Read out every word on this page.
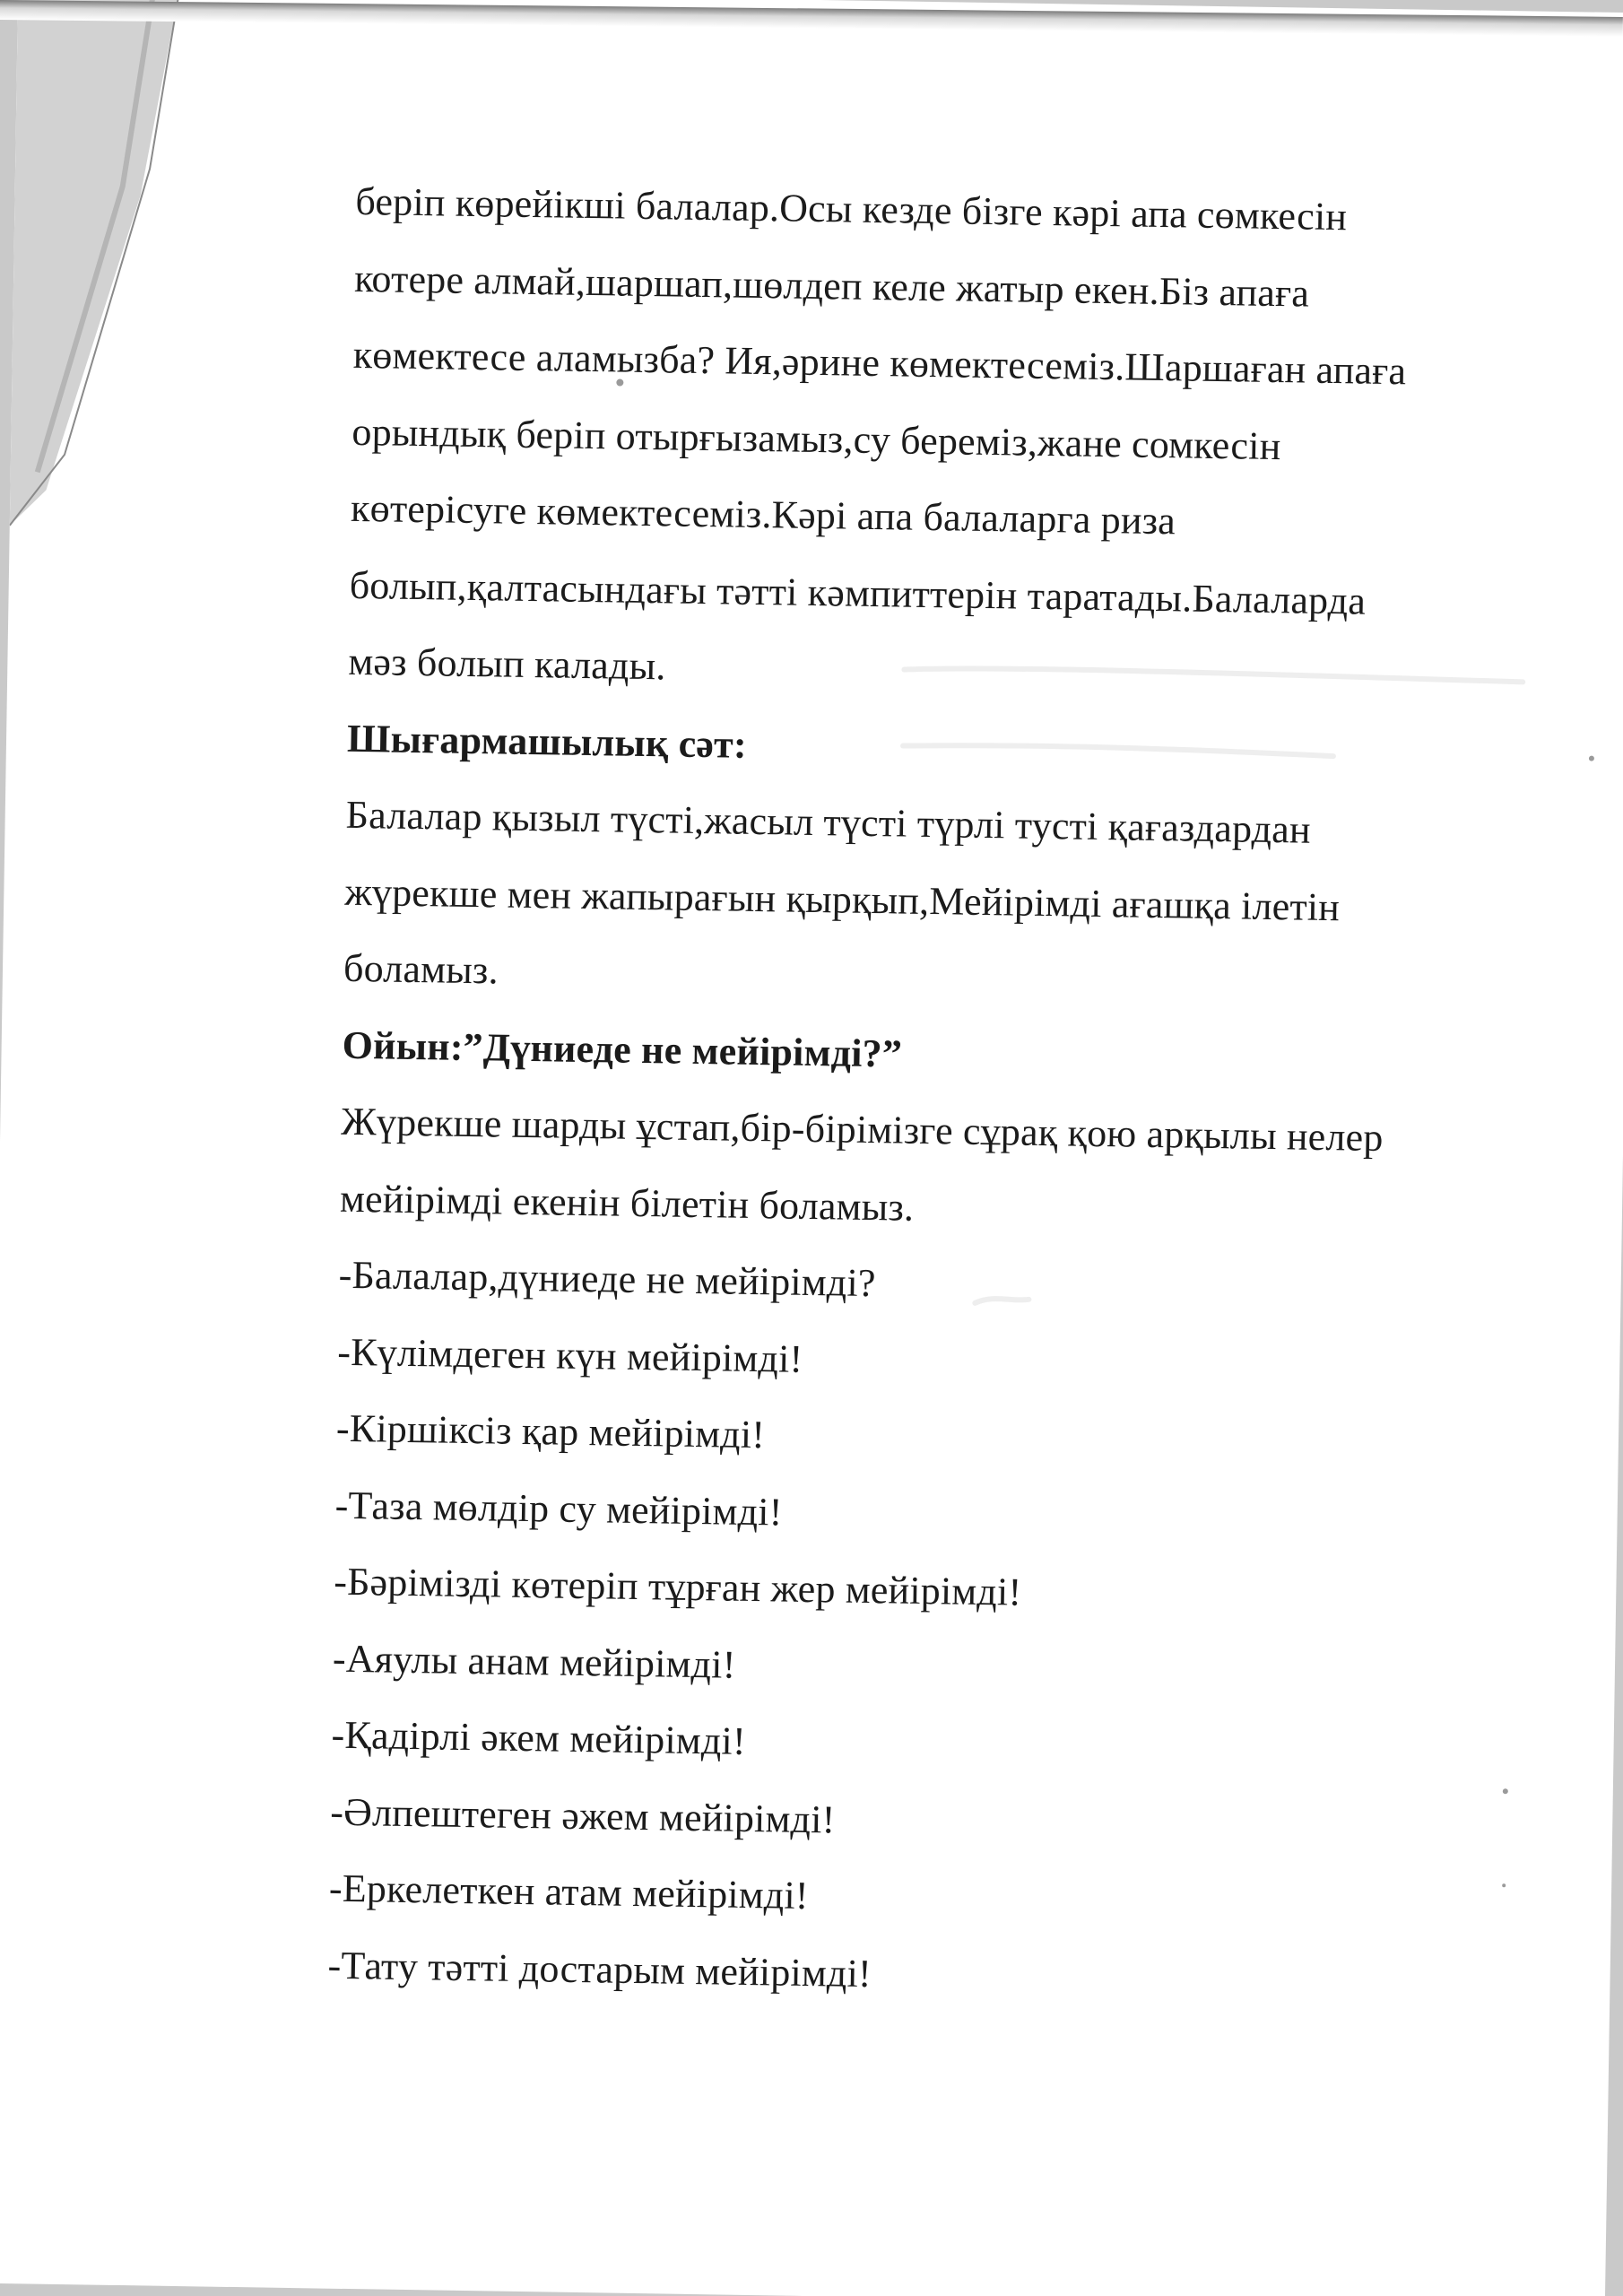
беріп көрейікші балалар.Осы кезде бізге кәрі апа сөмкесін
котере алмай,шаршап,шөлдеп келе жатыр екен.Біз апаға
көмектесе аламызба? Ия,әрине көмектесеміз.Шаршаған апаға
орындық беріп отырғызамыз,су береміз,жане сомкесін
көтерісуге көмектесеміз.Кәрі апа балаларга риза
болып,қалтасындағы тәтті кәмпиттерін таратады.Балаларда
мәз болып калады.
Шығармашылық сәт:
Балалар қызыл түсті,жасыл түсті түрлі тусті қағаздардан
жүрекше мен жапырағын қырқып,Мейірімді ағашқа ілетін
боламыз.
Ойын:”Дүниеде не мейірімді?”
Жүрекше шарды ұстап,бір-бірімізге сұрақ қою арқылы нелер
мейірімді екенін білетін боламыз.
-Балалар,дүниеде не мейірімді?
-Күлімдеген күн мейірімді!
-Кіршіксіз қар мейірімді!
-Таза мөлдір су мейірімді!
-Бәрімізді көтеріп тұрған жер мейірімді!
-Аяулы анам мейірімді!
-Қадірлі әкем мейірімді!
-Әлпештеген әжем мейірімді!
-Еркелеткен атам мейірімді!
-Тату тәтті достарым мейірімді!
